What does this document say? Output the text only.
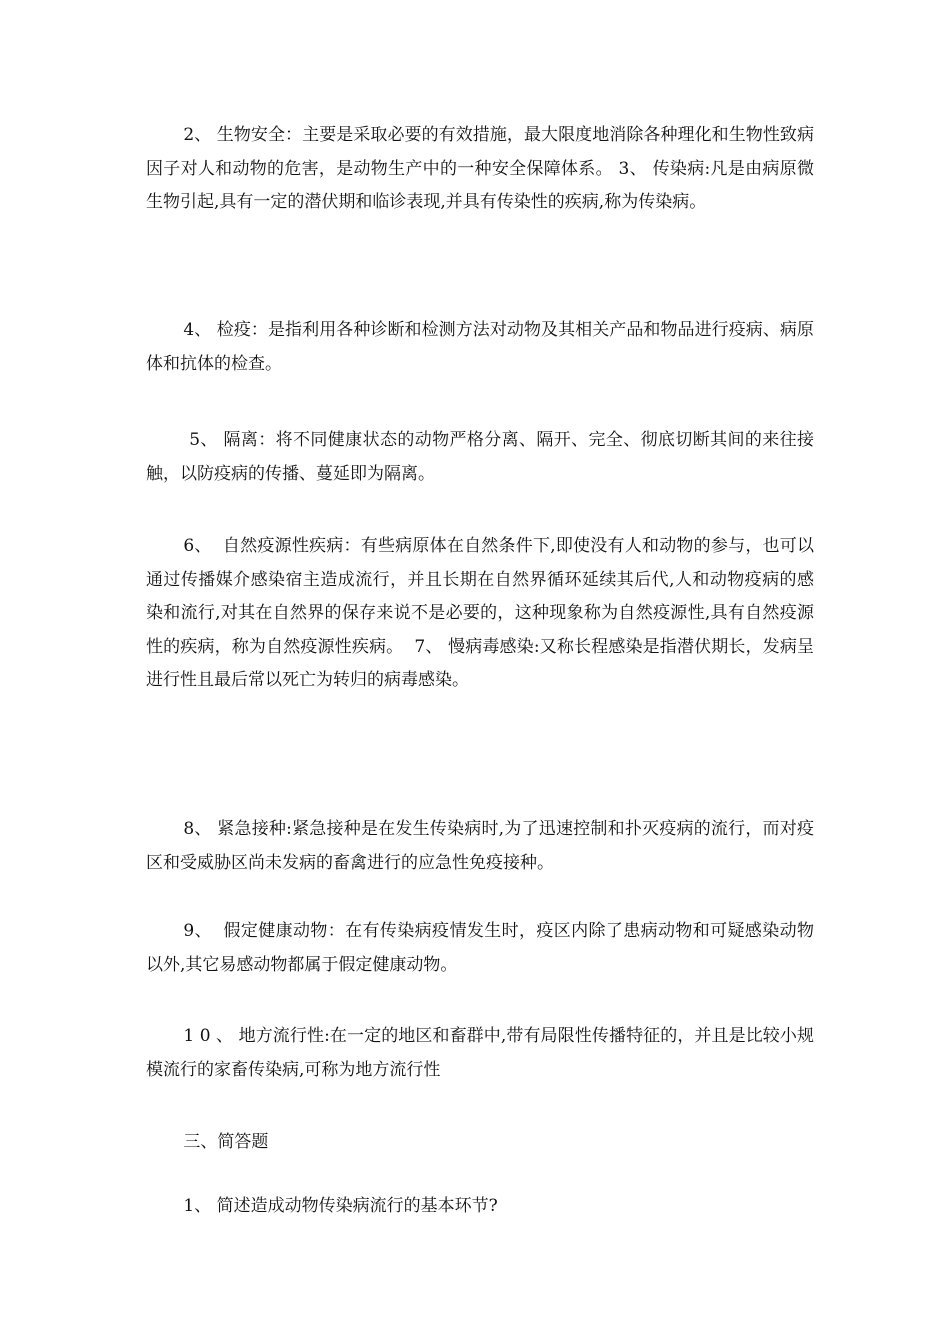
2、 生物安全：主要是采取必要的有效措施，最大限度地消除各种理化和生物性致病因子对人和动物的危害，是动物生产中的一种安全保障体系。 3、 传染病:凡是由病原微生物引起,具有一定的潜伏期和临诊表现,并具有传染性的疾病,称为传染病。

4、 检疫：是指利用各种诊断和检测方法对动物及其相关产品和物品进行疫病、病原体和抗体的检查。

5、 隔离：将不同健康状态的动物严格分离、隔开、完全、彻底切断其间的来往接触，以防疫病的传播、蔓延即为隔离。

6、  自然疫源性疾病：有些病原体在自然条件下,即使没有人和动物的参与，也可以通过传播媒介感染宿主造成流行，并且长期在自然界循环延续其后代,人和动物疫病的感染和流行,对其在自然界的保存来说不是必要的，这种现象称为自然疫源性,具有自然疫源性的疾病，称为自然疫源性疾病。  7、 慢病毒感染:又称长程感染是指潜伏期长，发病呈进行性且最后常以死亡为转归的病毒感染。

8、 紧急接种:紧急接种是在发生传染病时,为了迅速控制和扑灭疫病的流行，而对疫区和受威胁区尚未发病的畜禽进行的应急性免疫接种。

9、  假定健康动物：在有传染病疫情发生时，疫区内除了患病动物和可疑感染动物以外,其它易感动物都属于假定健康动物。

1 0 、 地方流行性:在一定的地区和畜群中,带有局限性传播特征的，并且是比较小规模流行的家畜传染病,可称为地方流行性

三、简答题

1、 简述造成动物传染病流行的基本环节?
